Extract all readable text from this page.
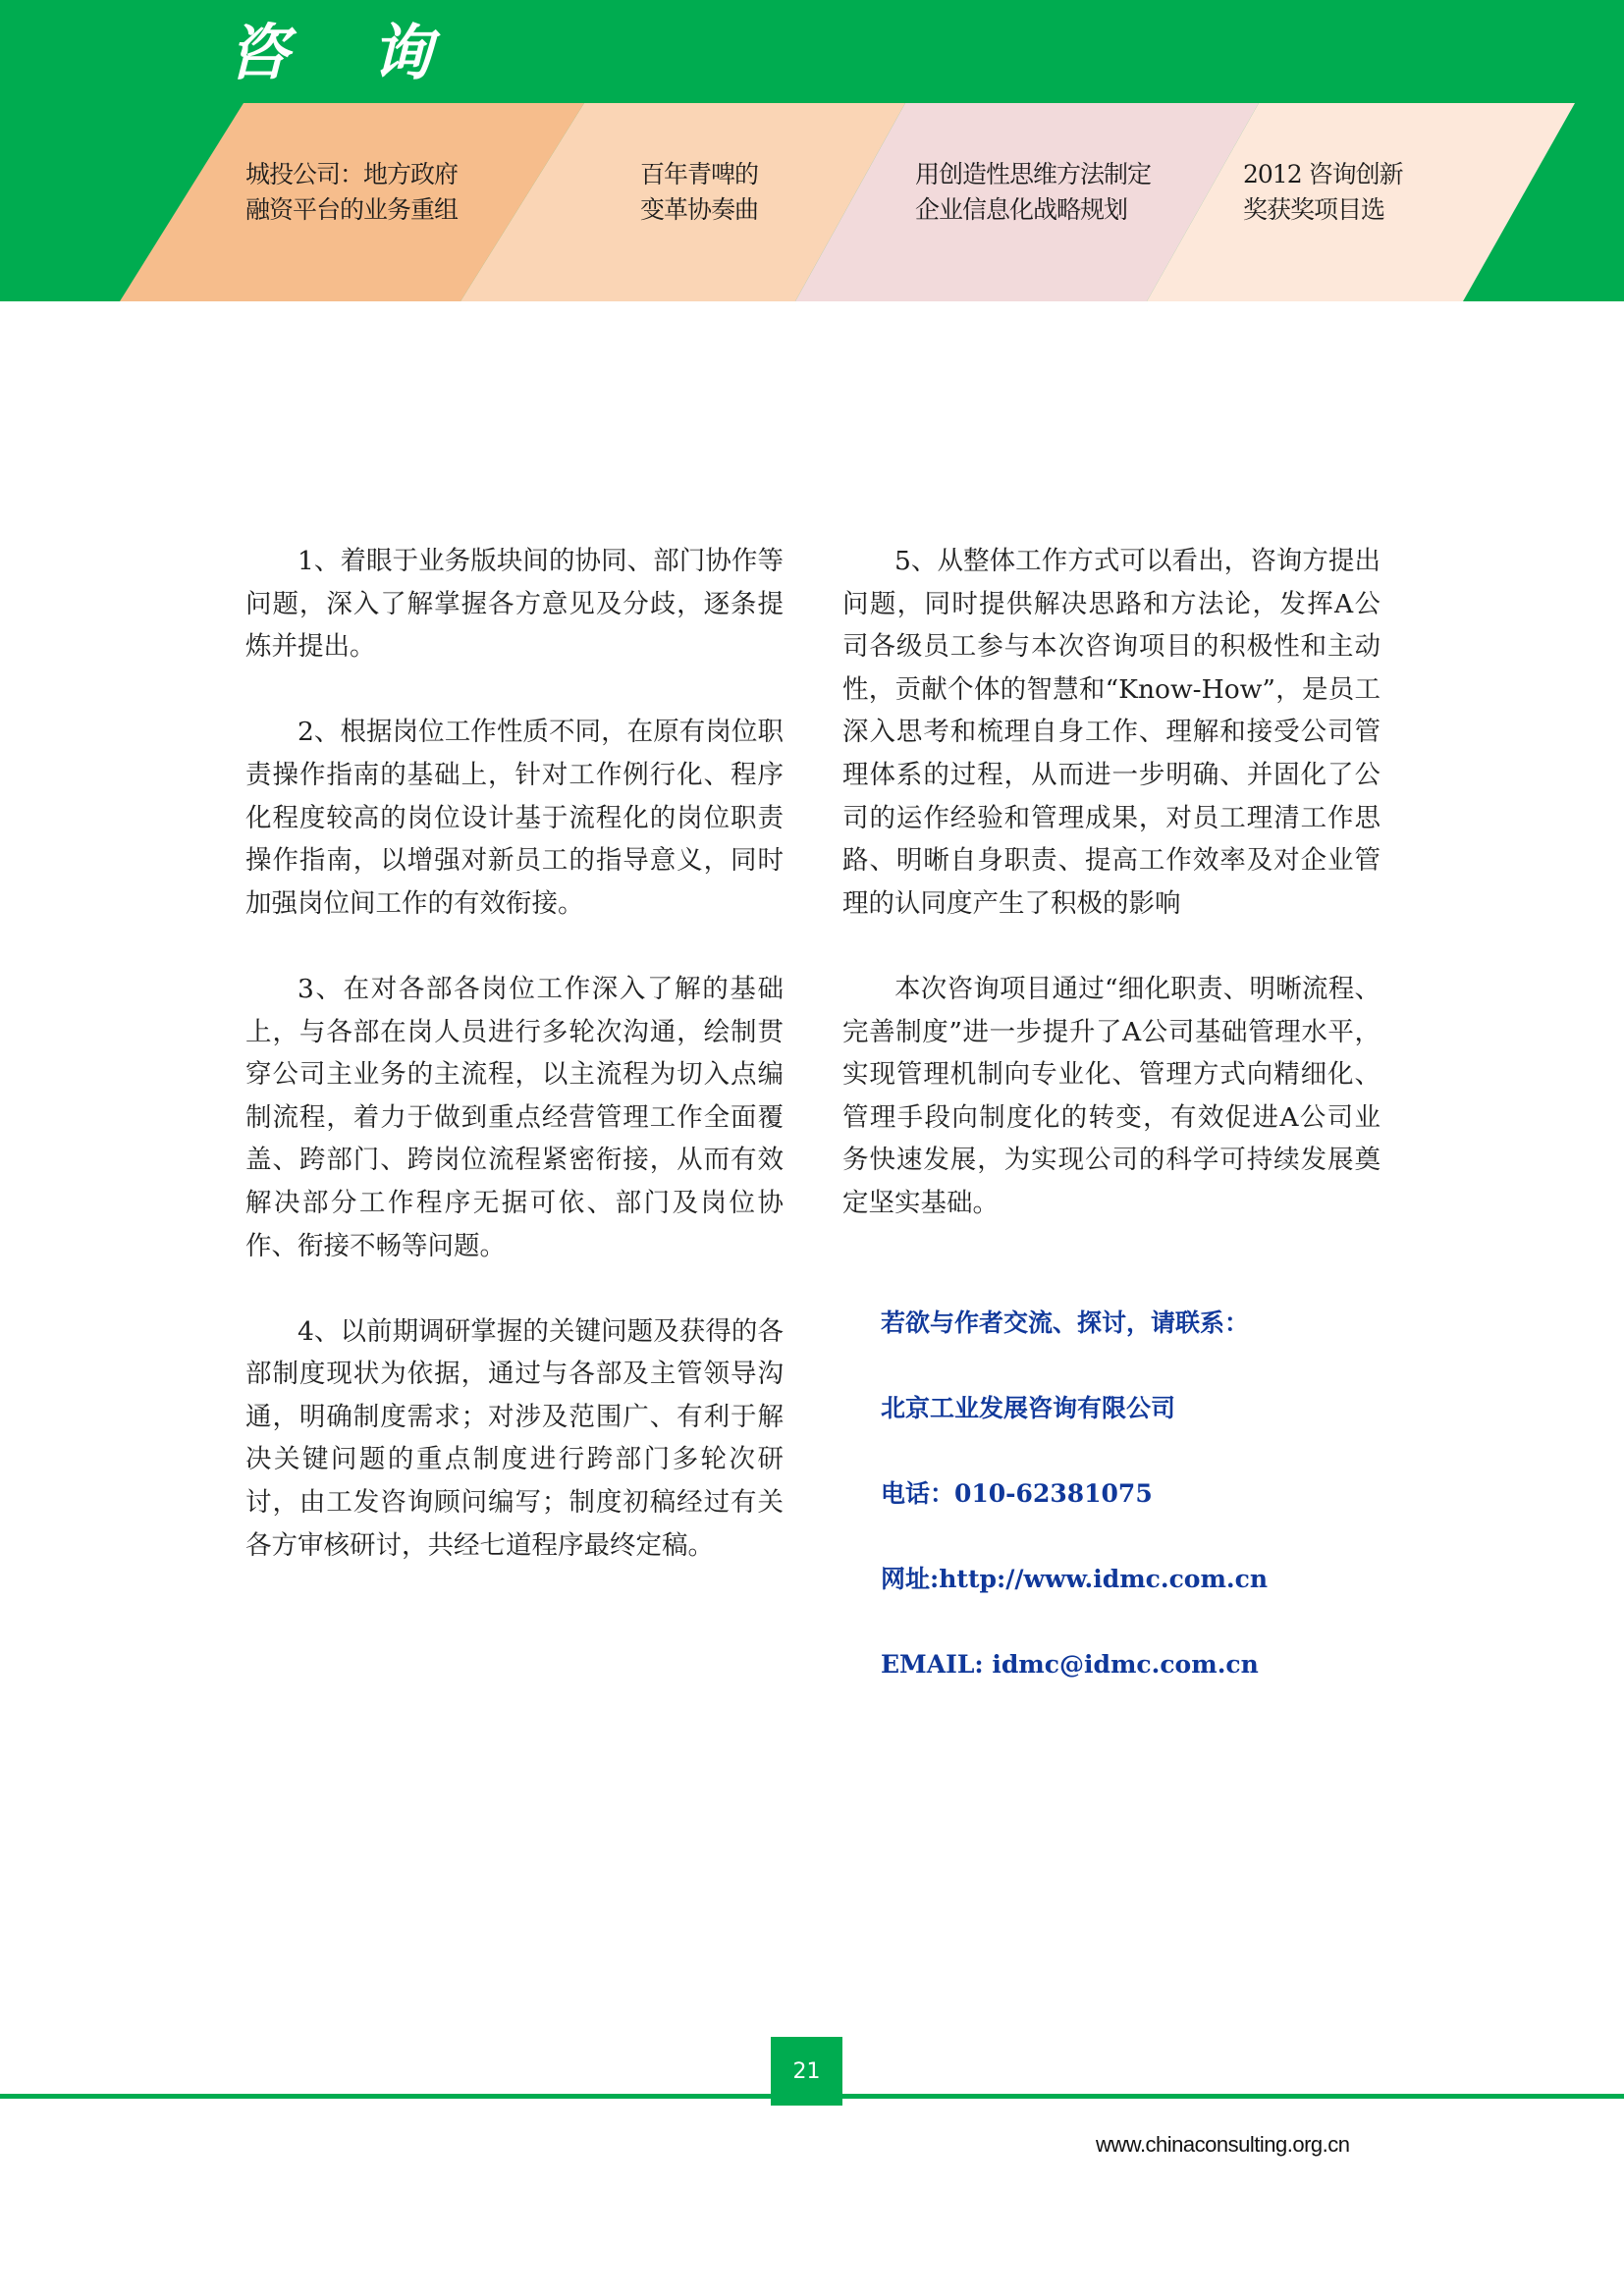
咨询
城投公司：地方政府
融资平台的业务重组
百年青啤的
变革协奏曲
用创造性思维方法制定
企业信息化战略规划
2012 咨询创新
奖获奖项目选

1、着眼于业务版块间的协同、部门协作等问题，深入了解掌握各方意见及分歧，逐条提炼并提出。

2、根据岗位工作性质不同，在原有岗位职责操作指南的基础上，针对工作例行化、程序化程度较高的岗位设计基于流程化的岗位职责操作指南，以增强对新员工的指导意义，同时加强岗位间工作的有效衔接。

3、在对各部各岗位工作深入了解的基础上，与各部在岗人员进行多轮次沟通，绘制贯穿公司主业务的主流程，以主流程为切入点编制流程，着力于做到重点经营管理工作全面覆盖、跨部门、跨岗位流程紧密衔接，从而有效解决部分工作程序无据可依、部门及岗位协作、衔接不畅等问题。

4、以前期调研掌握的关键问题及获得的各部制度现状为依据，通过与各部及主管领导沟通，明确制度需求；对涉及范围广、有利于解决关键问题的重点制度进行跨部门多轮次研讨，由工发咨询顾问编写；制度初稿经过有关各方审核研讨，共经七道程序最终定稿。

5、从整体工作方式可以看出，咨询方提出问题，同时提供解决思路和方法论，发挥A公司各级员工参与本次咨询项目的积极性和主动性，贡献个体的智慧和“Know-How”，是员工深入思考和梳理自身工作、理解和接受公司管理体系的过程，从而进一步明确、并固化了公司的运作经验和管理成果，对员工理清工作思路、明晰自身职责、提高工作效率及对企业管理的认同度产生了积极的影响

本次咨询项目通过“细化职责、明晰流程、完善制度”进一步提升了A公司基础管理水平，实现管理机制向专业化、管理方式向精细化、管理手段向制度化的转变，有效促进A公司业务快速发展，为实现公司的科学可持续发展奠定坚实基础。

若欲与作者交流、探讨，请联系：
北京工业发展咨询有限公司
电话：010-62381075
网址:http://www.idmc.com.cn
EMAIL: idmc@idmc.com.cn
21
www.chinaconsulting.org.cn
